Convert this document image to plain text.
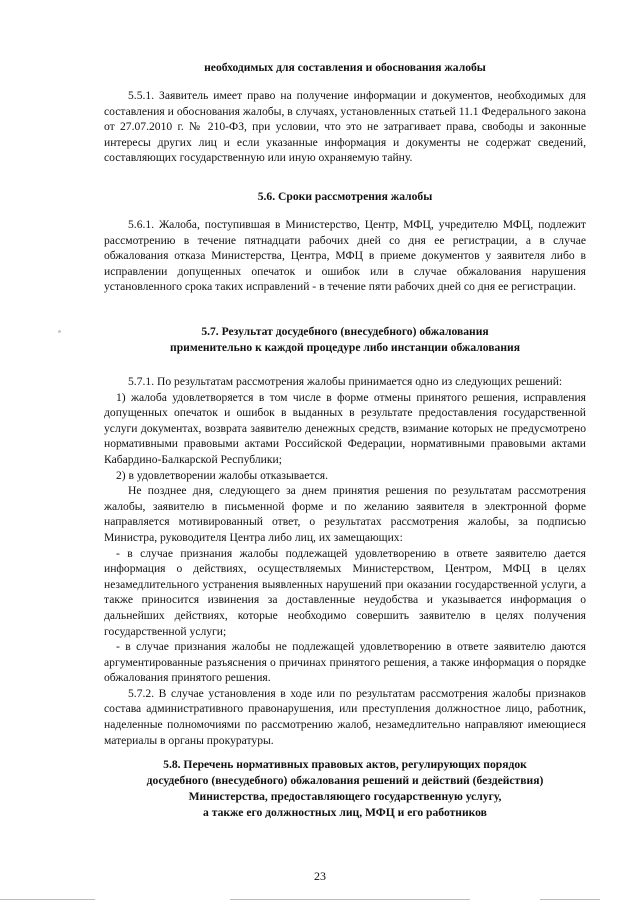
необходимых для составления и обоснования жалобы

5.5.1. Заявитель имеет право на получение информации и документов, необходимых для составления и обоснования жалобы, в случаях, установленных статьей 11.1 Федерального закона от 27.07.2010 г. № 210-ФЗ, при условии, что это не затрагивает права, свободы и законные интересы других лиц и если указанные информация и документы не содержат сведений, составляющих государственную или иную охраняемую тайну.

5.6. Сроки рассмотрения жалобы

5.6.1. Жалоба, поступившая в Министерство, Центр, МФЦ, учредителю МФЦ, подлежит рассмотрению в течение пятнадцати рабочих дней со дня ее регистрации, а в случае обжалования отказа Министерства, Центра, МФЦ в приеме документов у заявителя либо в исправлении допущенных опечаток и ошибок или в случае обжалования нарушения установленного срока таких исправлений - в течение пяти рабочих дней со дня ее регистрации.

5.7. Результат досудебного (внесудебного) обжалования
применительно к каждой процедуре либо инстанции обжалования

5.7.1. По результатам рассмотрения жалобы принимается одно из следующих решений:

1) жалоба удовлетворяется в том числе в форме отмены принятого решения, исправления допущенных опечаток и ошибок в выданных в результате предоставления государственной услуги документах, возврата заявителю денежных средств, взимание которых не предусмотрено нормативными правовыми актами Российской Федерации, нормативными правовыми актами Кабардино-Балкарской Республики;

2) в удовлетворении жалобы отказывается.

Не позднее дня, следующего за днем принятия решения по результатам рассмотрения жалобы, заявителю в письменной форме и по желанию заявителя в электронной форме направляется мотивированный ответ, о результатах рассмотрения жалобы, за подписью Министра, руководителя Центра либо лиц, их замещающих:

- в случае признания жалобы подлежащей удовлетворению в ответе заявителю дается информация о действиях, осуществляемых Министерством, Центром, МФЦ в целях незамедлительного устранения выявленных нарушений при оказании государственной услуги, а также приносится извинения за доставленные неудобства и указывается информация о дальнейших действиях, которые необходимо совершить заявителю в целях получения государственной услуги;

- в случае признания жалобы не подлежащей удовлетворению в ответе заявителю даются аргументированные разъяснения о причинах принятого решения, а также информация о порядке обжалования принятого решения.

5.7.2. В случае установления в ходе или по результатам рассмотрения жалобы признаков состава административного правонарушения, или преступления должностное лицо, работник, наделенные полномочиями по рассмотрению жалоб, незамедлительно направляют имеющиеся материалы в органы прокуратуры.

5.8. Перечень нормативных правовых актов, регулирующих порядок
досудебного (внесудебного) обжалования решений и действий (бездействия)
Министерства, предоставляющего государственную услугу,
а также его должностных лиц, МФЦ и его работников
23
